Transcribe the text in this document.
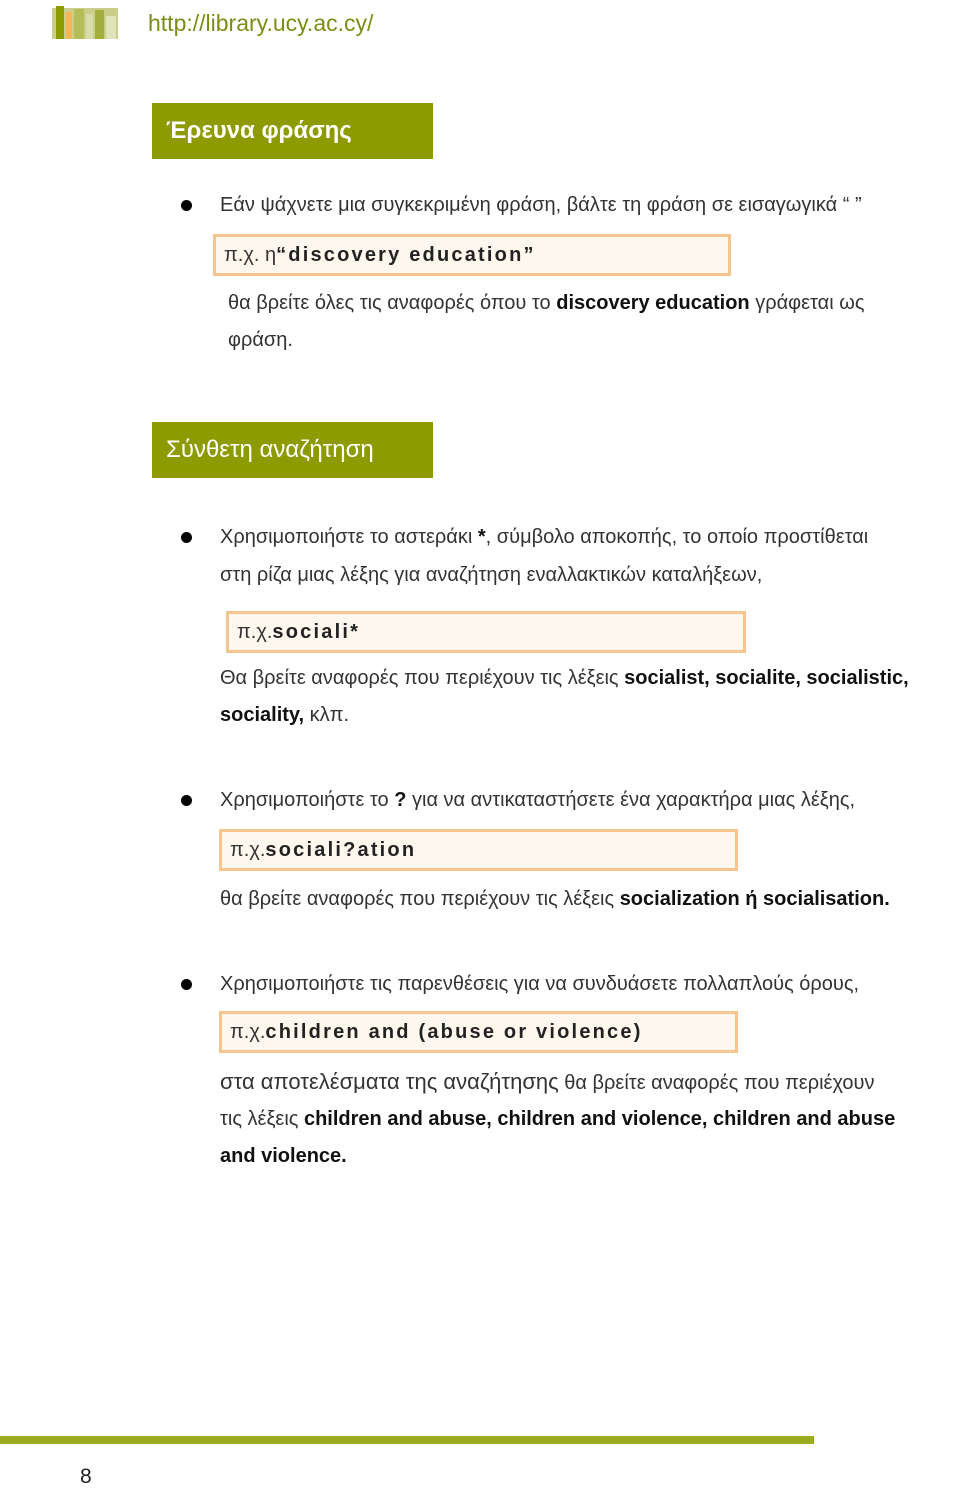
http://library.ucy.ac.cy/
Έρευνα φράσης
Εάν ψάχνετε μια συγκεκριμένη φράση, βάλτε τη φράση σε εισαγωγικά “ ”
π.χ. η “discovery education”
θα βρείτε όλες τις αναφορές όπου το discovery education γράφεται ως
φράση.
Σύνθετη αναζήτηση
Χρησιμοποιήστε το αστεράκι *, σύμβολο αποκοπής, το οποίο προστίθεται
στη ρίζα μιας λέξης για αναζήτηση εναλλακτικών καταλήξεων,
π.χ. sociali*
Θα βρείτε αναφορές που περιέχουν τις λέξεις socialist, socialite, socialistic,
sociality, κλπ.
Χρησιμοποιήστε το ? για να αντικαταστήσετε ένα χαρακτήρα μιας λέξης,
π.χ. sociali?ation
θα βρείτε αναφορές που περιέχουν τις λέξεις socialization ή socialisation.
Χρησιμοποιήστε τις παρενθέσεις για να συνδυάσετε πολλαπλούς όρους,
π.χ. children and (abuse or violence)
στα αποτελέσματα της αναζήτησης θα βρείτε αναφορές που περιέχουν
τις λέξεις children and abuse, children and violence, children and abuse
and violence.
8
